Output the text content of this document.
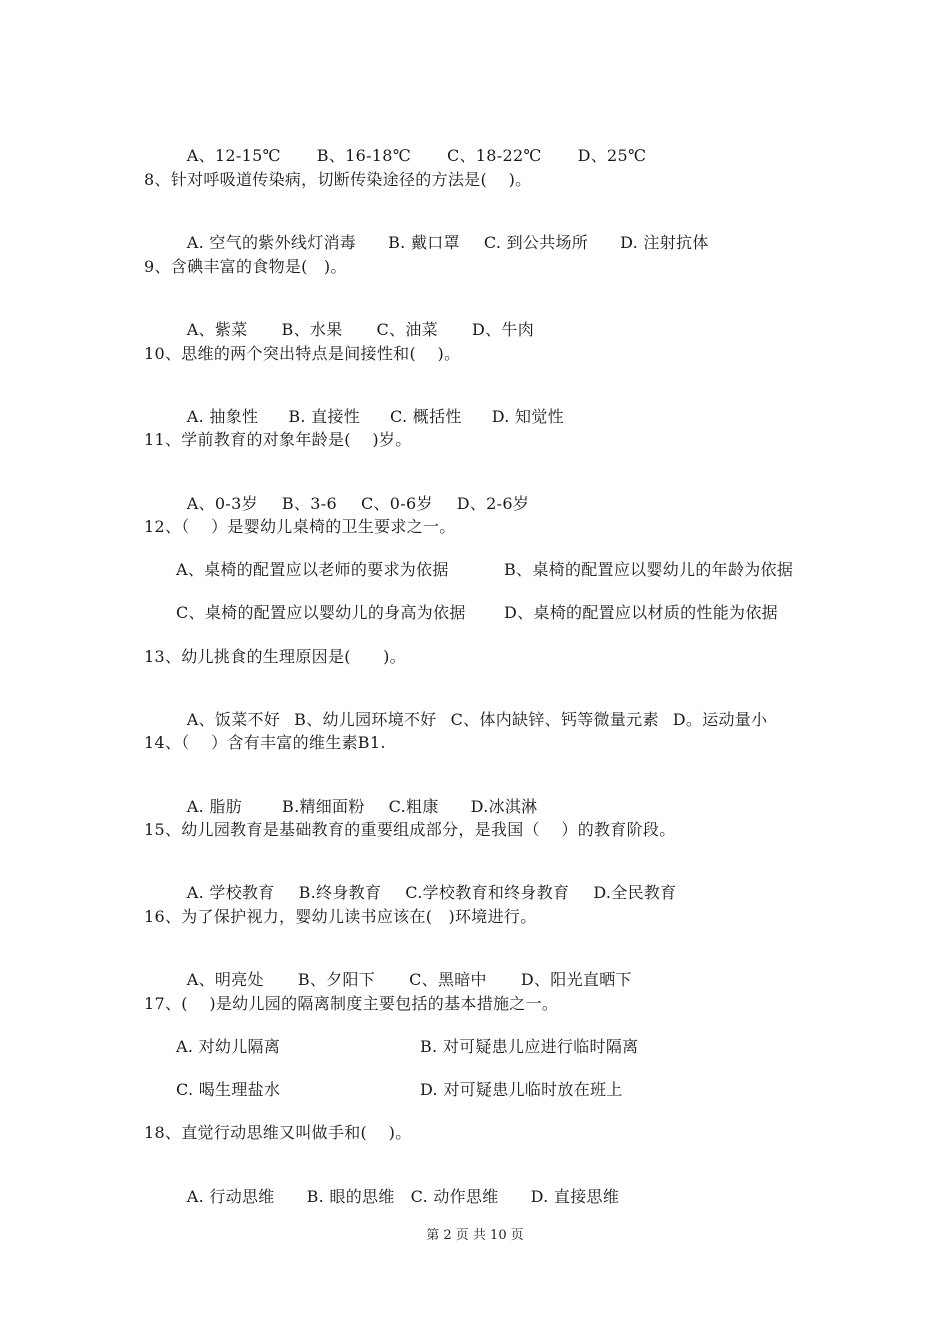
A、12-15℃ B、16-18℃ C、18-22℃ D、25℃

8、针对呼吸道传染病，切断传染途径的方法是(    )。

A. 空气的紫外线灯消毒 B. 戴口罩 C. 到公共场所 D. 注射抗体

9、含碘丰富的食物是(   )。

A、紫菜 B、水果 C、油菜 D、牛肉

10、思维的两个突出特点是间接性和(    )。

A. 抽象性 B. 直接性 C. 概括性 D. 知觉性

11、学前教育的对象年龄是(    )岁。

A、0-3岁 B、3-6 C、0-6岁 D、2-6岁

12、（    ）是婴幼儿桌椅的卫生要求之一。
A、桌椅的配置应以老师的要求为依据	B、桌椅的配置应以婴幼儿的年龄为依据
C、桌椅的配置应以婴幼儿的身高为依据 D、桌椅的配置应以材质的性能为依据
13、幼儿挑食的生理原因是(      )。

A、饭菜不好 B、幼儿园环境不好 C、体内缺锌、钙等微量元素 D。运动量小

14、（    ）含有丰富的维生素B1.

A. 脂肪	B.精细面粉 C.粗康 D.冰淇淋

15、幼儿园教育是基础教育的重要组成部分，是我国（    ）的教育阶段。

A. 学校教育 B.终身教育 C.学校教育和终身教育 D.全民教育

16、为了保护视力，婴幼儿读书应该在(   )环境进行。

A、明亮处 B、夕阳下 C、黑暗中 D、阳光直晒下

17、(    )是幼儿园的隔离制度主要包括的基本措施之一。
A. 对幼儿隔离	B. 对可疑患儿应进行临时隔离
C. 喝生理盐水	D. 对可疑患儿临时放在班上
18、直觉行动思维又叫做手和(    )。

A. 行动思维 B. 眼的思维 C. 动作思维 D. 直接思维

第 2 页 共 10 页
